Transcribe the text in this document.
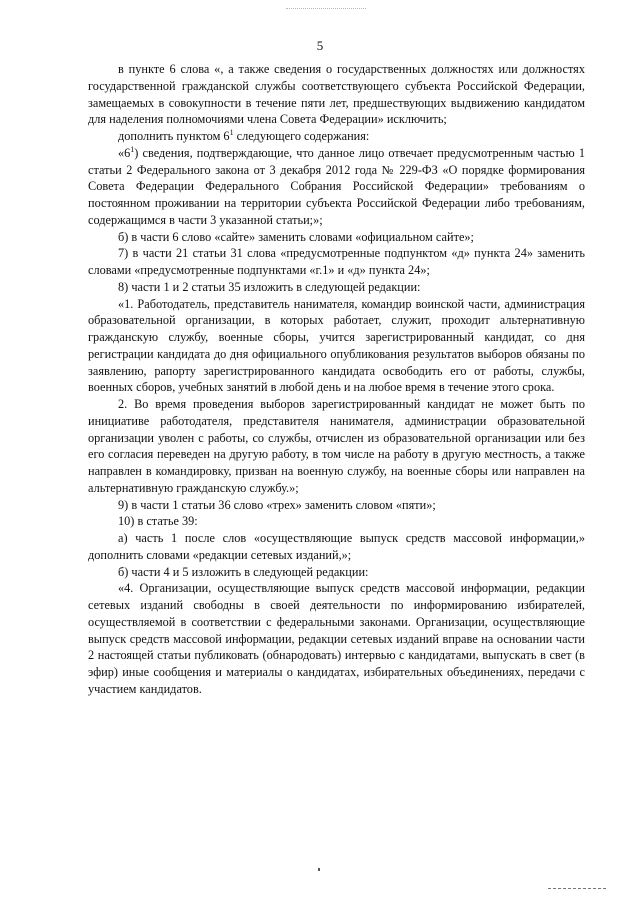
5

в пункте 6 слова «, а также сведения о государственных должностях или должностях государственной гражданской службы соответствующего субъекта Российской Федерации, замещаемых в совокупности в течение пяти лет, предшествующих выдвижению кандидатом для наделения полномочиями члена Совета Федерации» исключить;

дополнить пунктом $6^1$ следующего содержания:

«$6^1$) сведения, подтверждающие, что данное лицо отвечает предусмотренным частью 1 статьи 2 Федерального закона от 3 декабря 2012 года № 229-ФЗ «О порядке формирования Совета Федерации Федерального Собрания Российской Федерации» требованиям о постоянном проживании на территории субъекта Российской Федерации либо требованиям, содержащимся в части 3 указанной статьи;»;

б) в части 6 слово «сайте» заменить словами «официальном сайте»;

7) в части 21 статьи 31 слова «предусмотренные подпунктом «д» пункта 24» заменить словами «предусмотренные подпунктами «г.1» и «д» пункта 24»;

8) части 1 и 2 статьи 35 изложить в следующей редакции:

«1. Работодатель, представитель нанимателя, командир воинской части, администрация образовательной организации, в которых работает, служит, проходит альтернативную гражданскую службу, военные сборы, учится зарегистрированный кандидат, со дня регистрации кандидата до дня официального опубликования результатов выборов обязаны по заявлению, рапорту зарегистрированного кандидата освободить его от работы, службы, военных сборов, учебных занятий в любой день и на любое время в течение этого срока.

2. Во время проведения выборов зарегистрированный кандидат не может быть по инициативе работодателя, представителя нанимателя, администрации образовательной организации уволен с работы, со службы, отчислен из образовательной организации или без его согласия переведен на другую работу, в том числе на работу в другую местность, а также направлен в командировку, призван на военную службу, на военные сборы или направлен на альтернативную гражданскую службу.»;

9) в части 1 статьи 36 слово «трех» заменить словом «пяти»;

10) в статье 39:

а) часть 1 после слов «осуществляющие выпуск средств массовой информации,» дополнить словами «редакции сетевых изданий,»;

б) части 4 и 5 изложить в следующей редакции:

«4. Организации, осуществляющие выпуск средств массовой информации, редакции сетевых изданий свободны в своей деятельности по информированию избирателей, осуществляемой в соответствии с федеральными законами. Организации, осуществляющие выпуск средств массовой информации, редакции сетевых изданий вправе на основании части 2 настоящей статьи публиковать (обнародовать) интервью с кандидатами, выпускать в свет (в эфир) иные сообщения и материалы о кандидатах, избирательных объединениях, передачи с участием кандидатов.
